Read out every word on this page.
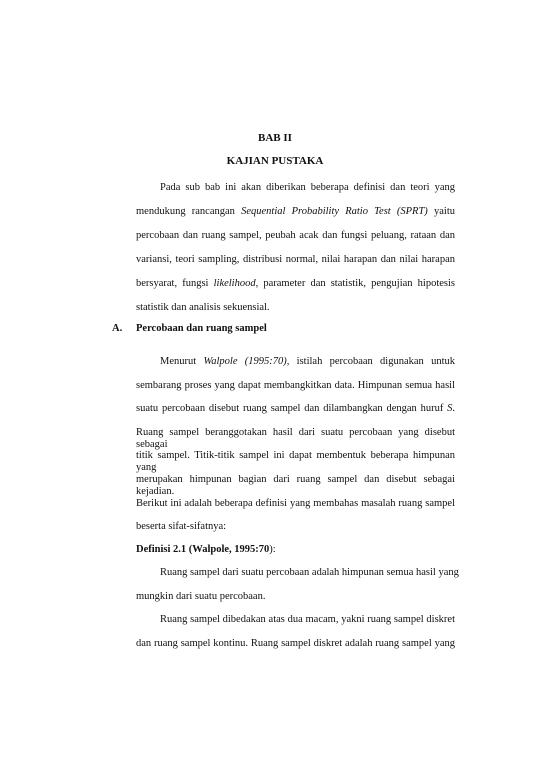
BAB II
KAJIAN PUSTAKA
Pada sub bab ini akan diberikan beberapa definisi dan teori yang
mendukung rancangan Sequential Probability Ratio Test (SPRT) yaitu
percobaan dan ruang sampel, peubah acak dan fungsi peluang, rataan dan
variansi, teori sampling, distribusi normal, nilai harapan dan nilai harapan
bersyarat, fungsi likelihood, parameter dan statistik, pengujian hipotesis
statistik dan analisis sekuensial.
A. Percobaan dan ruang sampel
Menurut Walpole (1995:70), istilah percobaan digunakan untuk
sembarang proses yang dapat membangkitkan data. Himpunan semua hasil
suatu percobaan disebut ruang sampel dan dilambangkan dengan huruf S.
Ruang sampel beranggotakan hasil dari suatu percobaan yang disebut sebagai
titik sampel. Titik-titik sampel ini dapat membentuk beberapa himpunan yang
merupakan himpunan bagian dari ruang sampel dan disebut sebagai kejadian.
Berikut ini adalah beberapa definisi yang membahas masalah ruang sampel
beserta sifat-sifatnya:
Definisi 2.1 (Walpole, 1995:70):
Ruang sampel dari suatu percobaan adalah himpunan semua hasil yang
mungkin dari suatu percobaan.
Ruang sampel dibedakan atas dua macam, yakni ruang sampel diskret
dan ruang sampel kontinu. Ruang sampel diskret adalah ruang sampel yang
